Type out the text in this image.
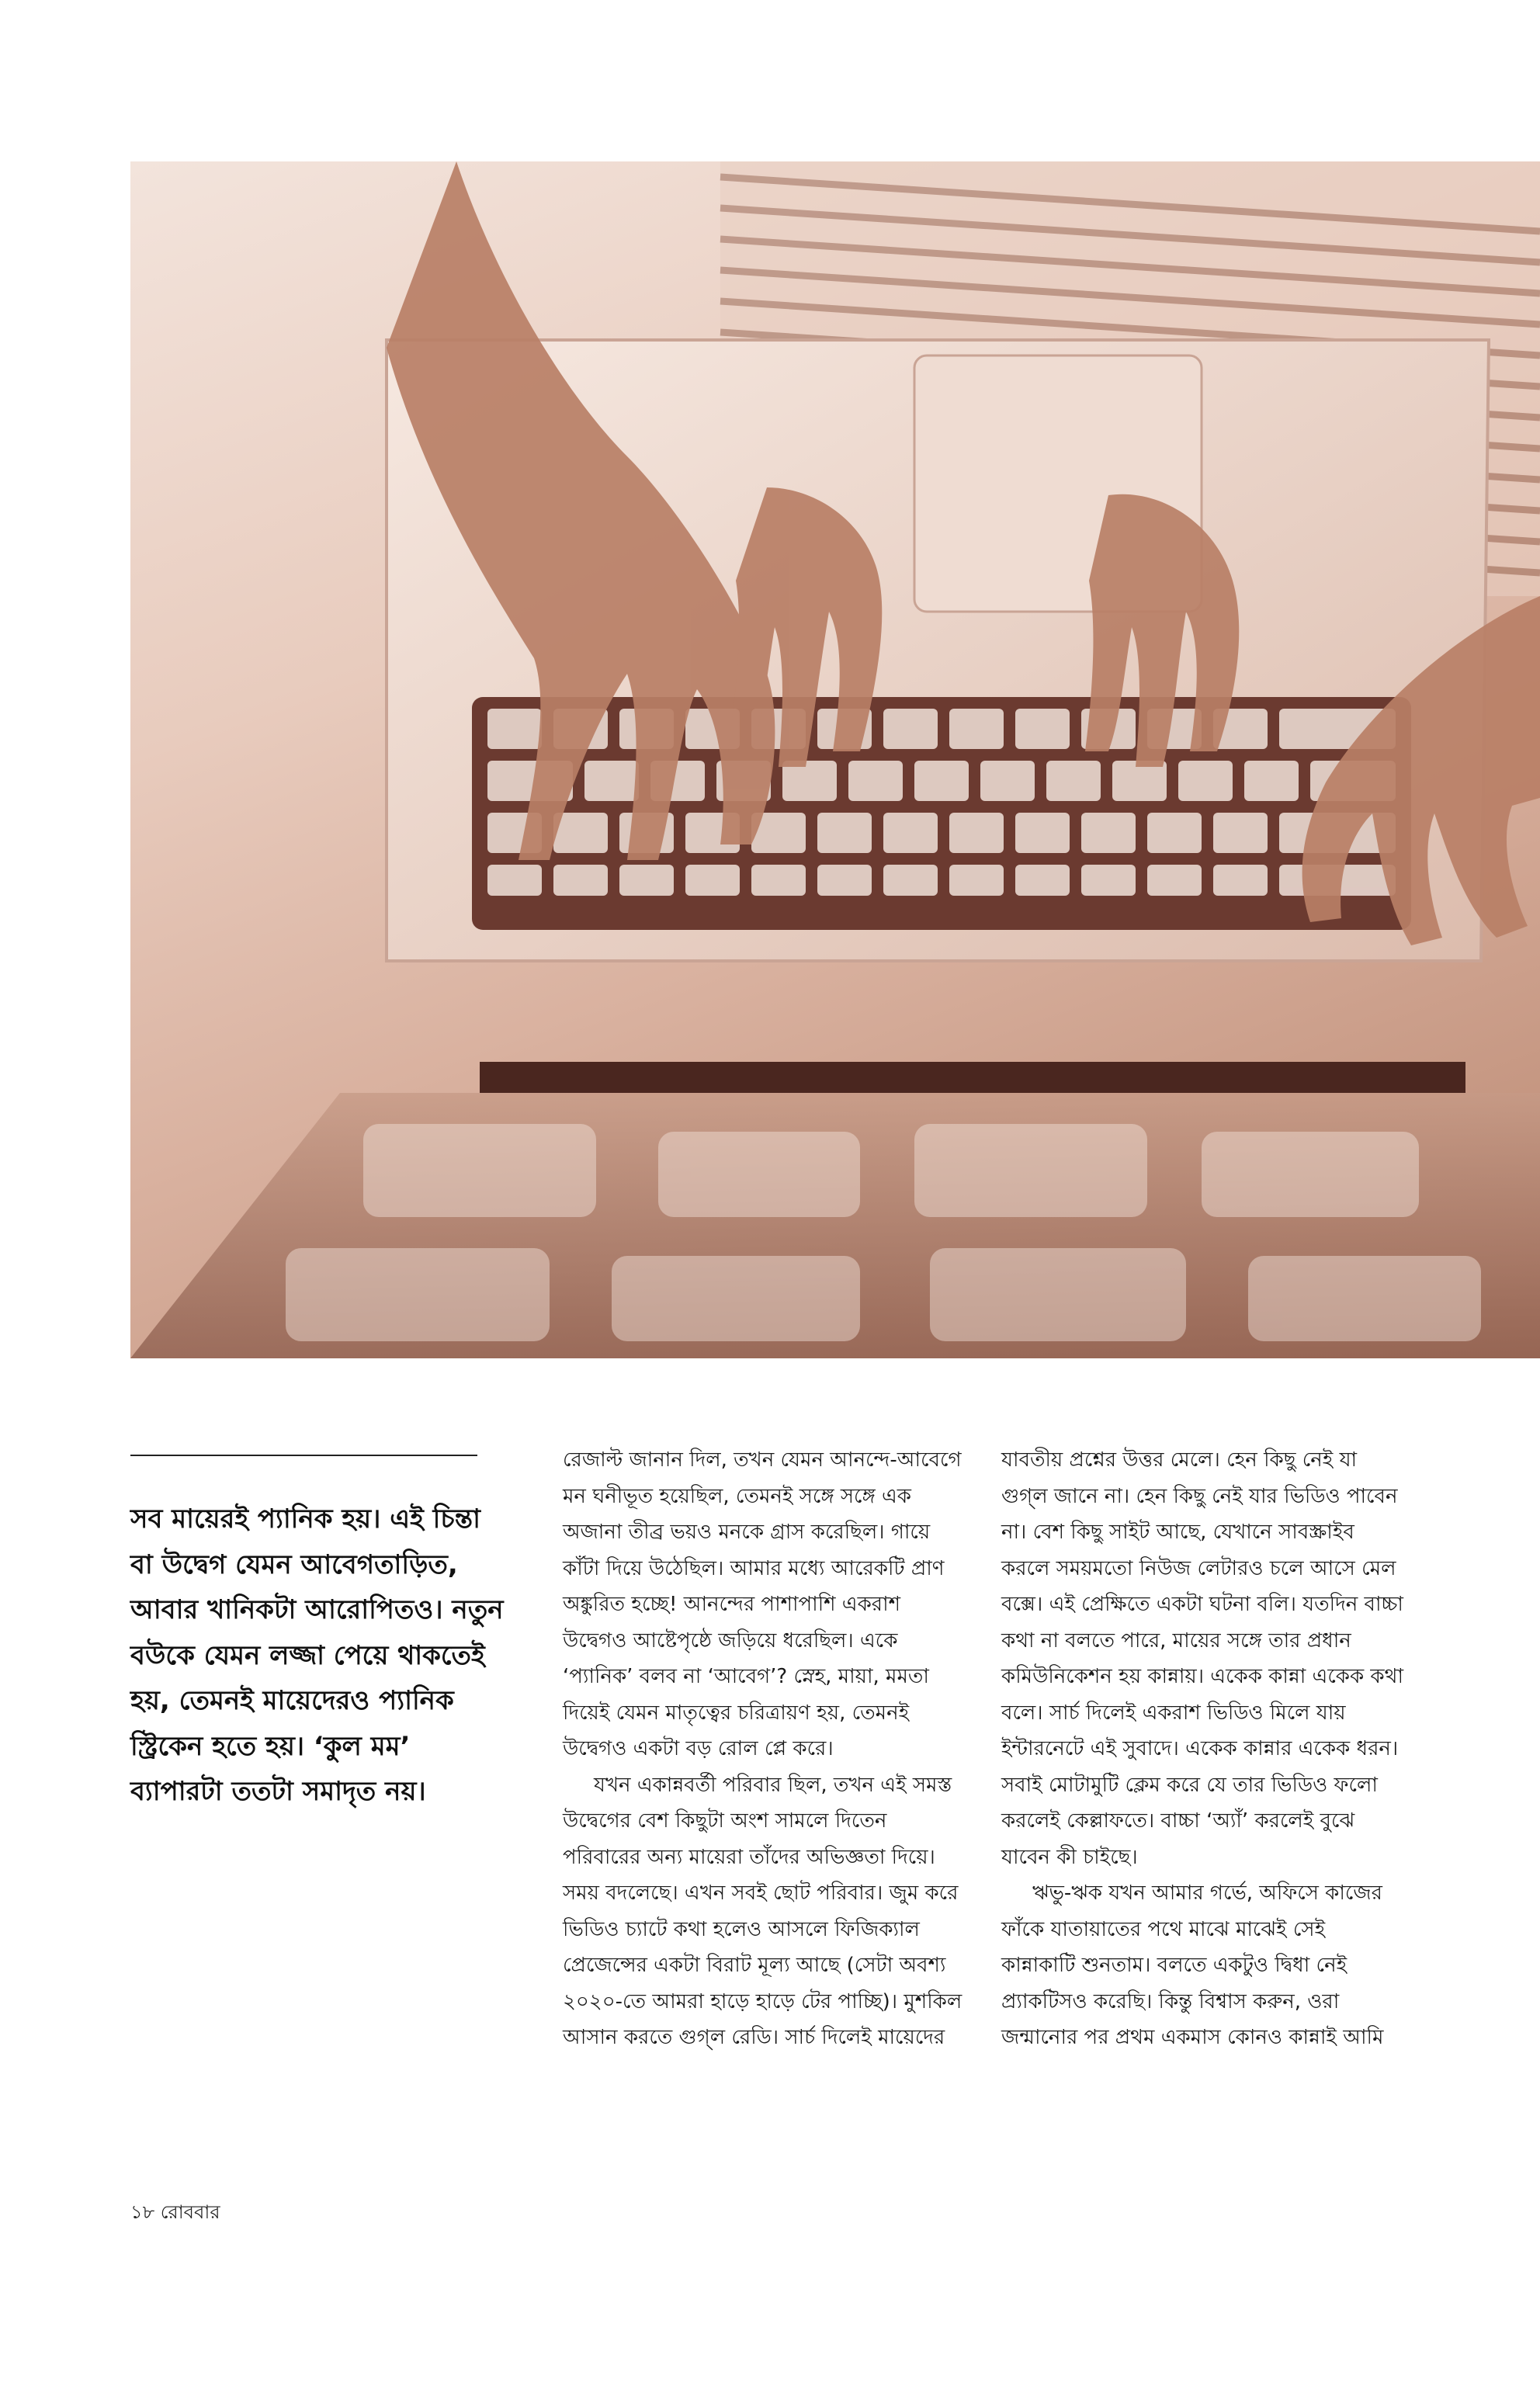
সব মায়েরই প্যানিক হয়। এই চিন্তা বা উদ্বেগ যেমন আবেগতাড়িত, আবার খানিকটা আরোপিতও। নতুন বউকে যেমন লজ্জা পেয়ে থাকতেই হয়, তেমনই মায়েদেরও প্যানিক স্ট্রিকেন হতে হয়। ‘কুল মম’ ব্যাপারটা ততটা সমাদৃত নয়।

রেজাল্ট জানান দিল, তখন যেমন আনন্দে-আবেগে মন ঘনীভূত হয়েছিল, তেমনই সঙ্গে সঙ্গে এক অজানা তীব্র ভয়ও মনকে গ্রাস করেছিল। গায়ে কাঁটা দিয়ে উঠেছিল। আমার মধ্যে আরেকটি প্রাণ অঙ্কুরিত হচ্ছে! আনন্দের পাশাপাশি একরাশ উদ্বেগও আষ্টেপৃষ্ঠে জড়িয়ে ধরেছিল। একে ‘প্যানিক’ বলব না ‘আবেগ’? স্নেহ, মায়া, মমতা দিয়েই যেমন মাতৃত্বের চরিত্রায়ণ হয়, তেমনই উদ্বেগও একটা বড় রোল প্লে করে।

যখন একান্নবর্তী পরিবার ছিল, তখন এই সমস্ত উদ্বেগের বেশ কিছুটা অংশ সামলে দিতেন পরিবারের অন্য মায়েরা তাঁদের অভিজ্ঞতা দিয়ে। সময় বদলেছে। এখন সবই ছোট পরিবার। জুম করে ভিডিও চ্যাটে কথা হলেও আসলে ফিজিক্যাল প্রেজেন্সের একটা বিরাট মূল্য আছে (সেটা অবশ্য ২০২০-তে আমরা হাড়ে হাড়ে টের পাচ্ছি)। মুশকিল আসান করতে গুগ্‌ল রেডি। সার্চ দিলেই মায়েদের

যাবতীয় প্রশ্নের উত্তর মেলে। হেন কিছু নেই যা গুগ্‌ল জানে না। হেন কিছু নেই যার ভিডিও পাবেন না। বেশ কিছু সাইট আছে, যেখানে সাবস্ক্রাইব করলে সময়মতো নিউজ লেটারও চলে আসে মেল বক্সে। এই প্রেক্ষিতে একটা ঘটনা বলি। যতদিন বাচ্চা কথা না বলতে পারে, মায়ের সঙ্গে তার প্রধান কমিউনিকেশন হয় কান্নায়। একেক কান্না একেক কথা বলে। সার্চ দিলেই একরাশ ভিডিও মিলে যায় ইন্টারনেটে এই সুবাদে। একেক কান্নার একেক ধরন। সবাই মোটামুটি ক্লেম করে যে তার ভিডিও ফলো করলেই কেল্লাফতে। বাচ্চা ‘অ্যাঁ’ করলেই বুঝে যাবেন কী চাইছে।

ঋভু-ঋক যখন আমার গর্ভে, অফিসে কাজের ফাঁকে যাতায়াতের পথে মাঝে মাঝেই সেই কান্নাকাটি শুনতাম। বলতে একটুও দ্বিধা নেই প্র্যাকটিসও করেছি। কিন্তু বিশ্বাস করুন, ওরা জন্মানোর পর প্রথম একমাস কোনও কান্নাই আমি

১৮ রোববার
